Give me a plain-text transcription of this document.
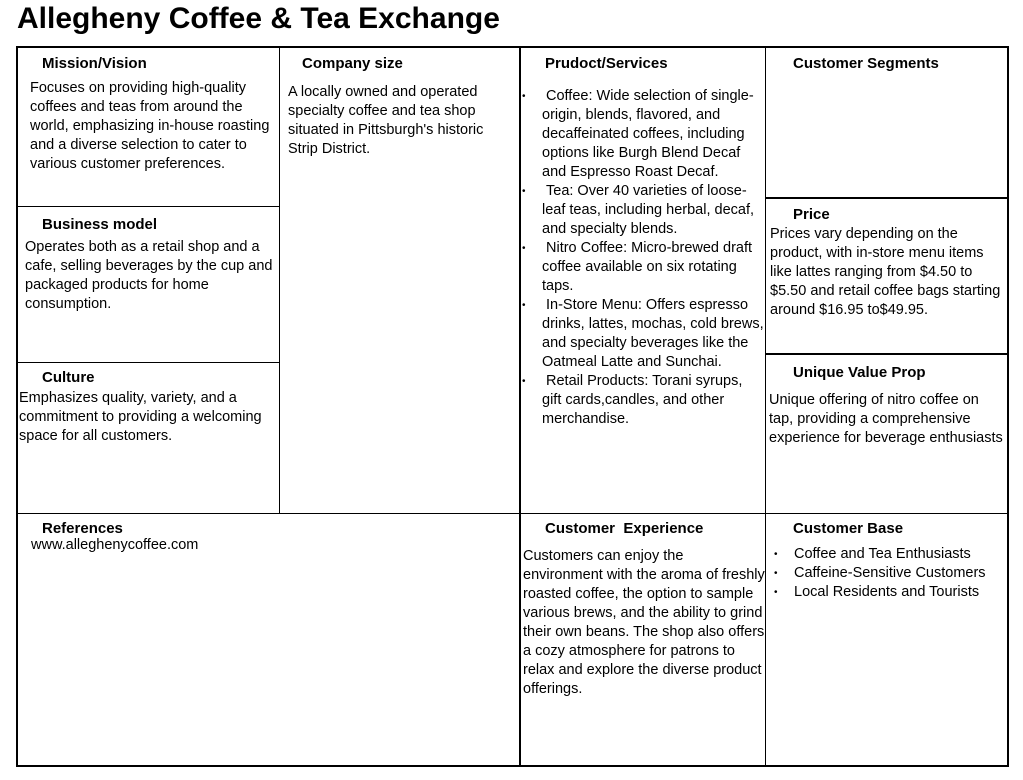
Allegheny Coffee & Tea Exchange
Mission/Vision
Focuses on providing high-quality coffees and teas from around the world, emphasizing in-house roasting and a diverse selection to cater to various customer preferences.
Business model
Operates both as a retail shop and a cafe, selling beverages by the cup and packaged products for home consumption.
Culture
Emphasizes quality, variety, and a commitment to providing a welcoming space for all customers.
Company size
A locally owned and operated specialty coffee and tea shop situated in Pittsburgh's historic Strip District.
Prudoct/Services
• Coffee: Wide selection of single-origin, blends, flavored, and decaffeinated coffees, including options like Burgh Blend Decaf and Espresso Roast Decaf.
• Tea: Over 40 varieties of loose-leaf teas, including herbal, decaf, and specialty blends.
• Nitro Coffee: Micro-brewed draft coffee available on six rotating taps.
• In-Store Menu: Offers espresso drinks, lattes, mochas, cold brews, and specialty beverages like the Oatmeal Latte and Sunchai.
• Retail Products: Torani syrups, gift cards,candles, and other merchandise.
Customer Segments
Price
Prices vary depending on the product, with in-store menu items like lattes ranging from $4.50 to $5.50 and retail coffee bags starting around $16.95 to$49.95.
Unique Value Prop
Unique offering of nitro coffee on tap, providing a comprehensive experience for beverage enthusiasts
References
www.alleghenycoffee.com
Customer  Experience
Customers can enjoy the environment with the aroma of freshly roasted coffee, the option to sample various brews, and the ability to grind their own beans. The shop also offers a cozy atmosphere for patrons to relax and explore the diverse product offerings.
Customer Base
• Coffee and Tea Enthusiasts
• Caffeine-Sensitive Customers
• Local Residents and Tourists
